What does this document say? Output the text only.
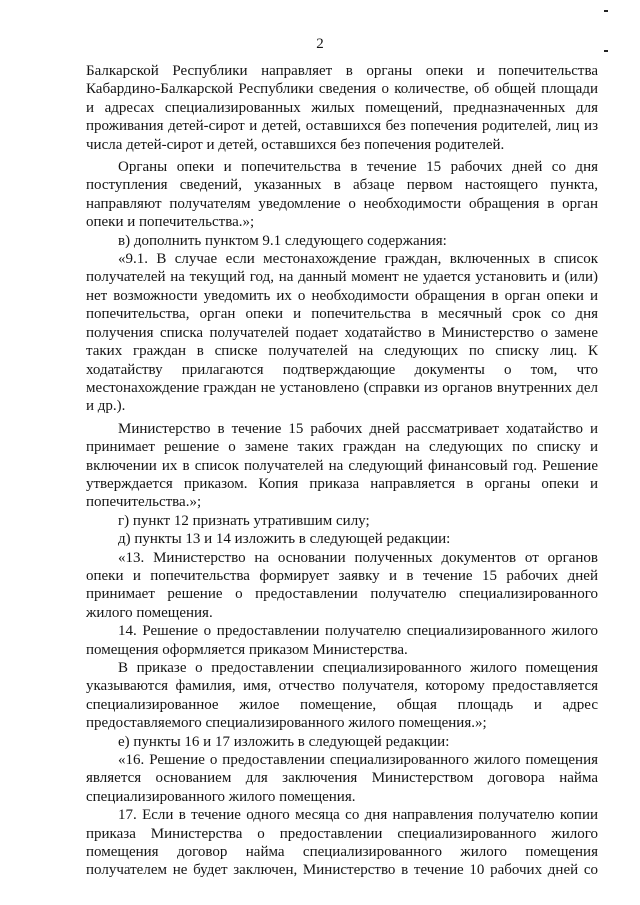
2

Балкарской Республики направляет в органы опеки и попечительства Кабардино-Балкарской Республики сведения о количестве, об общей площади и адресах специализированных жилых помещений, предназначенных для проживания детей-сирот и детей, оставшихся без попечения родителей, лиц из числа детей-сирот и детей, оставшихся без попечения родителей.

Органы опеки и попечительства в течение 15 рабочих дней со дня поступления сведений, указанных в абзаце первом настоящего пункта, направляют получателям уведомление о необходимости обращения в орган опеки и попечительства.»;

в) дополнить пунктом 9.1 следующего содержания:

«9.1. В случае если местонахождение граждан, включенных в список получателей на текущий год, на данный момент не удается установить и (или) нет возможности уведомить их о необходимости обращения в орган опеки и попечительства, орган опеки и попечительства в месячный срок со дня получения списка получателей подает ходатайство в Министерство о замене таких граждан в списке получателей на следующих по списку лиц. К ходатайству прилагаются подтверждающие документы о том, что местонахождение граждан не установлено (справки из органов внутренних дел и др.).

Министерство в течение 15 рабочих дней рассматривает ходатайство и принимает решение о замене таких граждан на следующих по списку и включении их в список получателей на следующий финансовый год. Решение утверждается приказом. Копия приказа направляется в органы опеки и попечительства.»;

г) пункт 12 признать утратившим силу;

д) пункты 13 и 14 изложить в следующей редакции:

«13. Министерство на основании полученных документов от органов опеки и попечительства формирует заявку и в течение 15 рабочих дней принимает решение о предоставлении получателю специализированного жилого помещения.

14. Решение о предоставлении получателю специализированного жилого помещения оформляется приказом Министерства.

В приказе о предоставлении специализированного жилого помещения указываются фамилия, имя, отчество получателя, которому предоставляется специализированное жилое помещение, общая площадь и адрес предоставляемого специализированного жилого помещения.»;

е) пункты 16 и 17 изложить в следующей редакции:

«16. Решение о предоставлении специализированного жилого помещения является основанием для заключения Министерством договора найма специализированного жилого помещения.

17. Если в течение одного месяца со дня направления получателю копии приказа Министерства о предоставлении специализированного жилого помещения договор найма специализированного жилого помещения получателем не будет заключен, Министерство в течение 10 рабочих дней со
